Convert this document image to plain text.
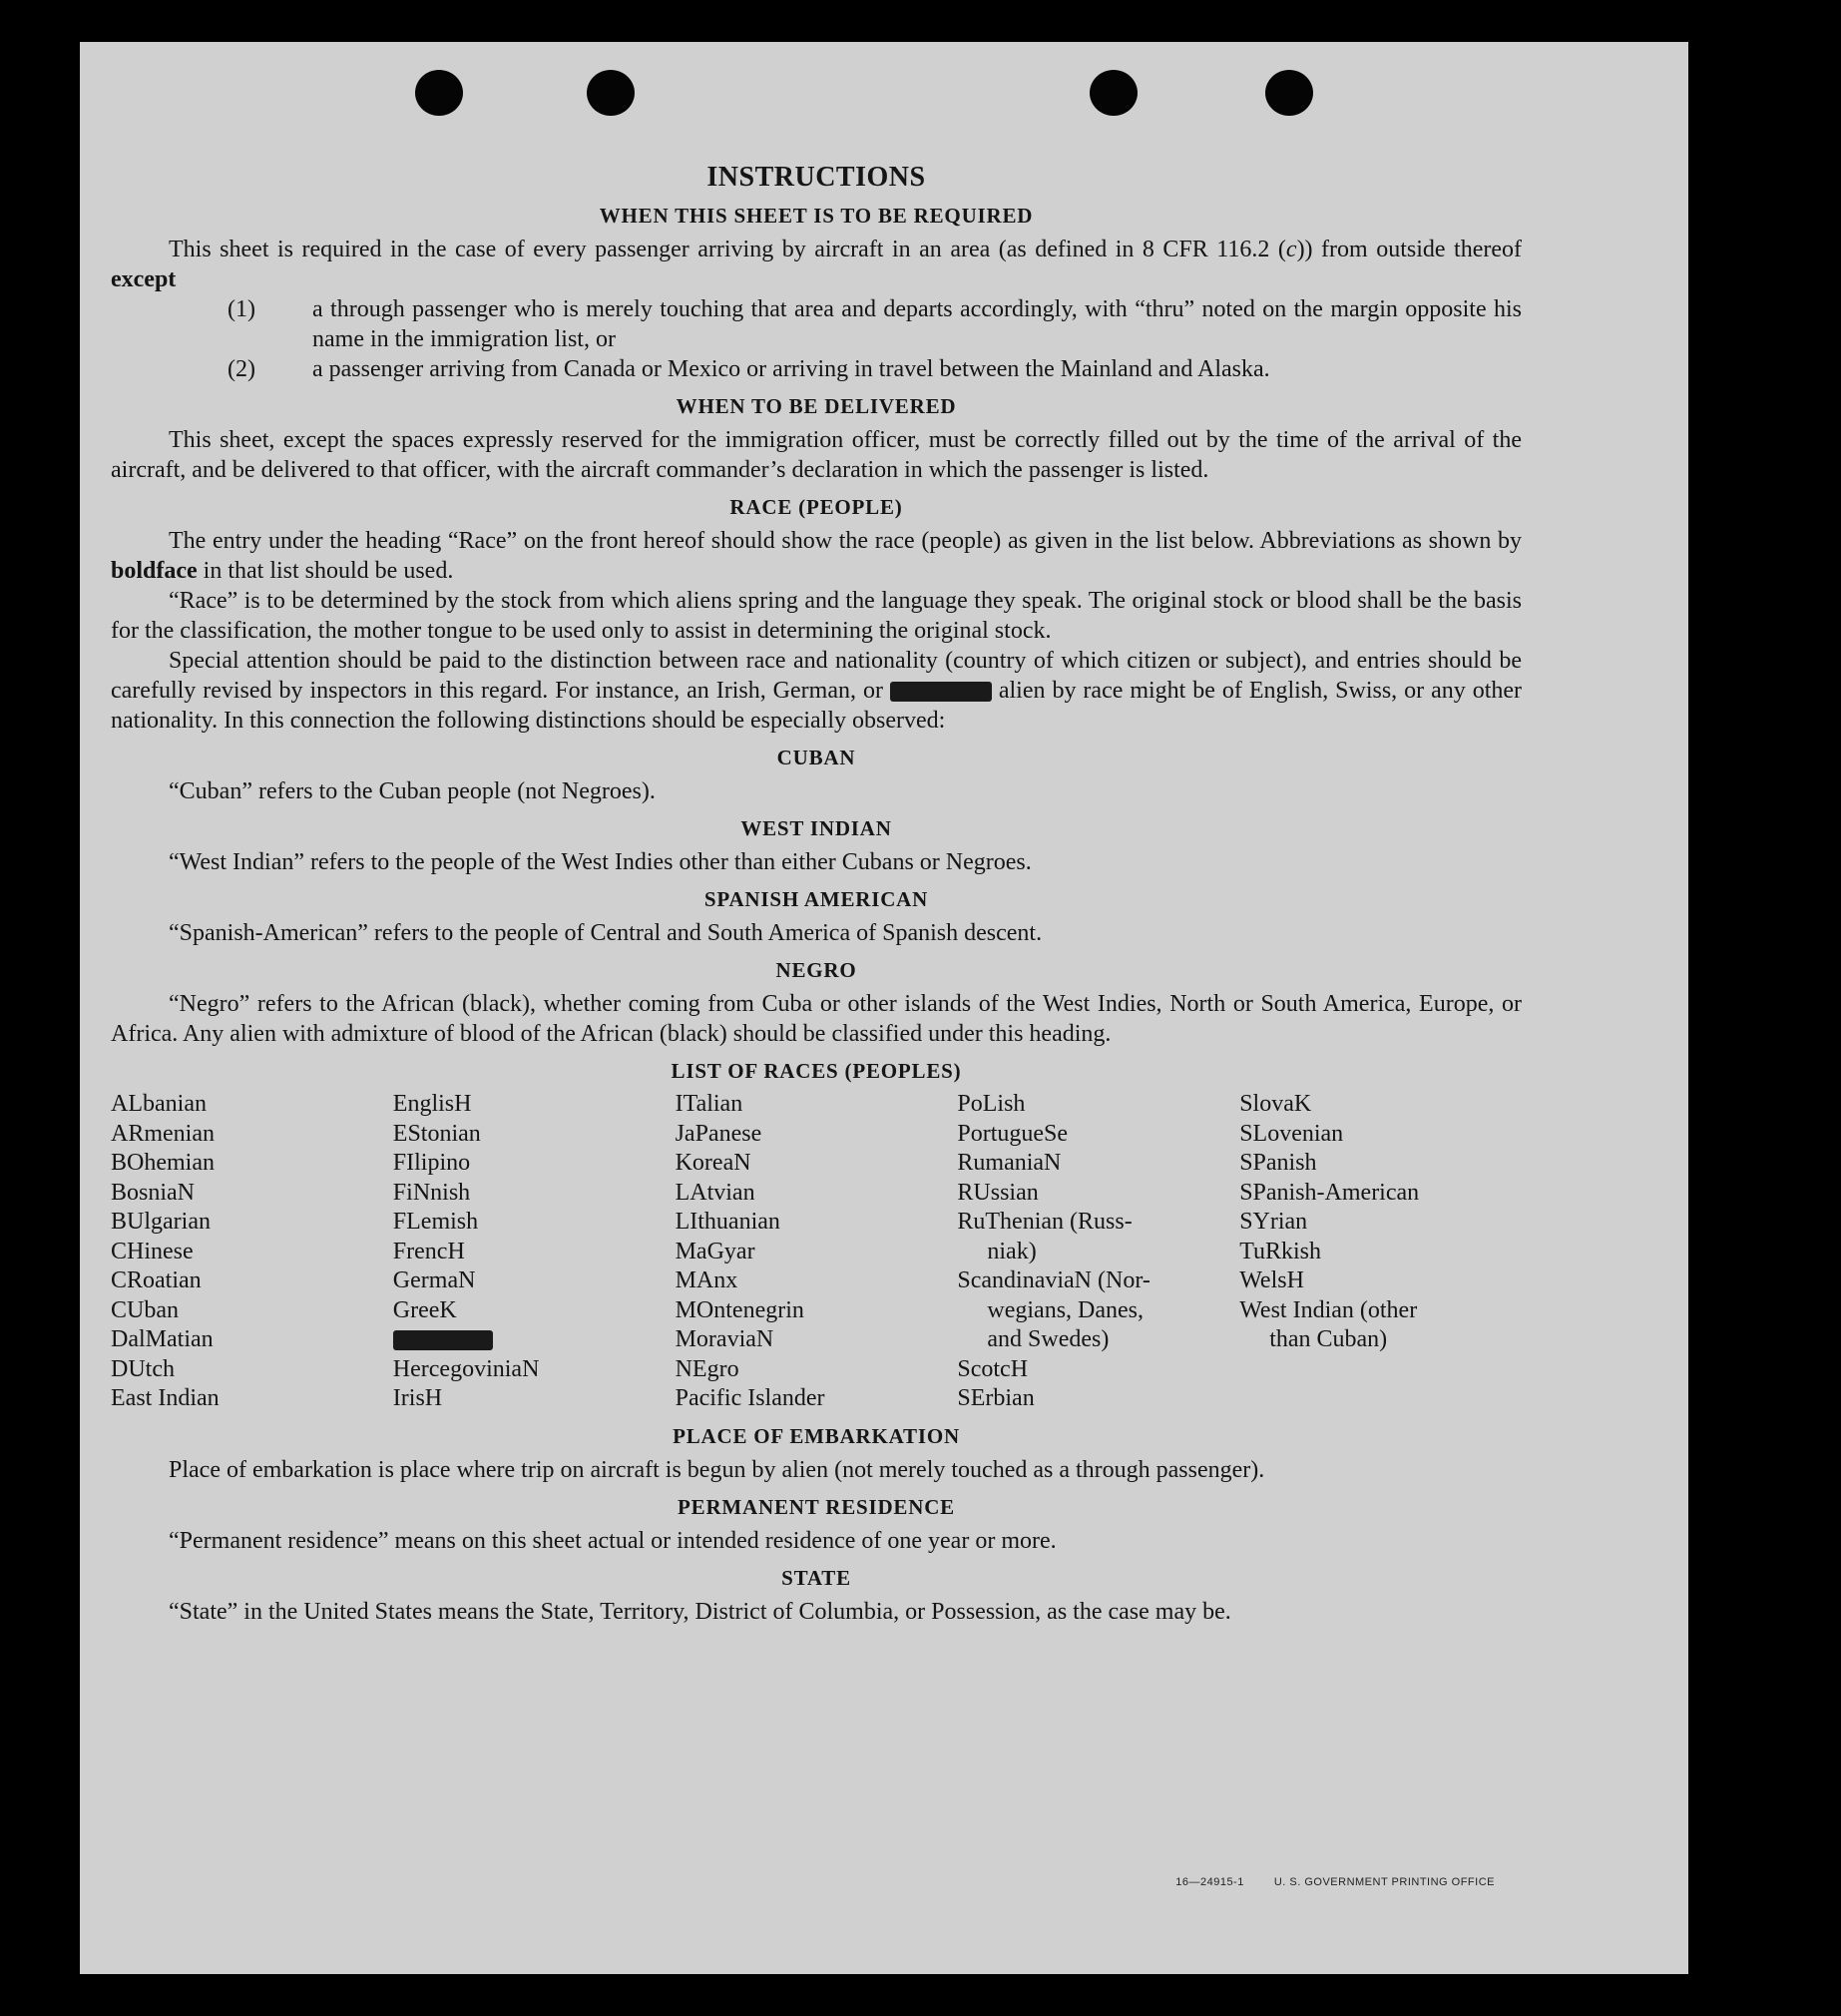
INSTRUCTIONS
WHEN THIS SHEET IS TO BE REQUIRED

This sheet is required in the case of every passenger arriving by aircraft in an area (as defined in 8 CFR 116.2 (c)) from outside thereof except

(1) a through passenger who is merely touching that area and departs accordingly, with “thru” noted on the margin opposite his name in the immigration list, or
(2) a passenger arriving from Canada or Mexico or arriving in travel between the Mainland and Alaska.
WHEN TO BE DELIVERED

This sheet, except the spaces expressly reserved for the immigration officer, must be correctly filled out by the time of the arrival of the aircraft, and be delivered to that officer, with the aircraft commander’s declaration in which the passenger is listed.

RACE (PEOPLE)

The entry under the heading “Race” on the front hereof should show the race (people) as given in the list below. Abbreviations as shown by boldface in that list should be used.

“Race” is to be determined by the stock from which aliens spring and the language they speak. The original stock or blood shall be the basis for the classification, the mother tongue to be used only to assist in determining the original stock.

Special attention should be paid to the distinction between race and nationality (country of which citizen or subject), and entries should be carefully revised by inspectors in this regard. For instance, an Irish, German, or	alien by race might be of English, Swiss, or any other nationality. In this connection the following distinctions should be especially observed:

CUBAN

“Cuban” refers to the Cuban people (not Negroes).

WEST INDIAN

“West Indian” refers to the people of the West Indies other than either Cubans or Negroes.

SPANISH AMERICAN

“Spanish-American” refers to the people of Central and South America of Spanish descent.

NEGRO

“Negro” refers to the African (black), whether coming from Cuba or other islands of the West Indies, North or South America, Europe, or Africa. Any alien with admixture of blood of the African (black) should be classified under this heading.

LIST OF RACES (PEOPLES)
ALbanian
ARmenian
BOhemian
BosniaN
BUlgarian
CHinese
CRoatian
CUban
DalMatian
DUtch
East Indian
EnglisH
EStonian
FIlipino
FiNnish
FLemish
FrencH
GermaN
GreeK
HercegoviniaN
IrisH
ITalian
JaPanese
KoreaN
LAtvian
LIthuanian
MaGyar
MAnx
MOntenegrin
MoraviaN
NEgro
Pacific Islander
PoLish
PortugueSe
RumaniaN
RUssian
RuThenian (Russ-
niak)
ScandinaviaN (Nor-
wegians, Danes,
and Swedes)
ScotcH
SErbian
SlovaK
SLovenian
SPanish
SPanish-American
SYrian
TuRkish
WelsH
West Indian (other
than Cuban)
PLACE OF EMBARKATION

Place of embarkation is place where trip on aircraft is begun by alien (not merely touched as a through passenger).

PERMANENT RESIDENCE

“Permanent residence” means on this sheet actual or intended residence of one year or more.

STATE

“State” in the United States means the State, Territory, District of Columbia, or Possession, as the case may be.

16—24915-1	U. S. GOVERNMENT PRINTING OFFICE
